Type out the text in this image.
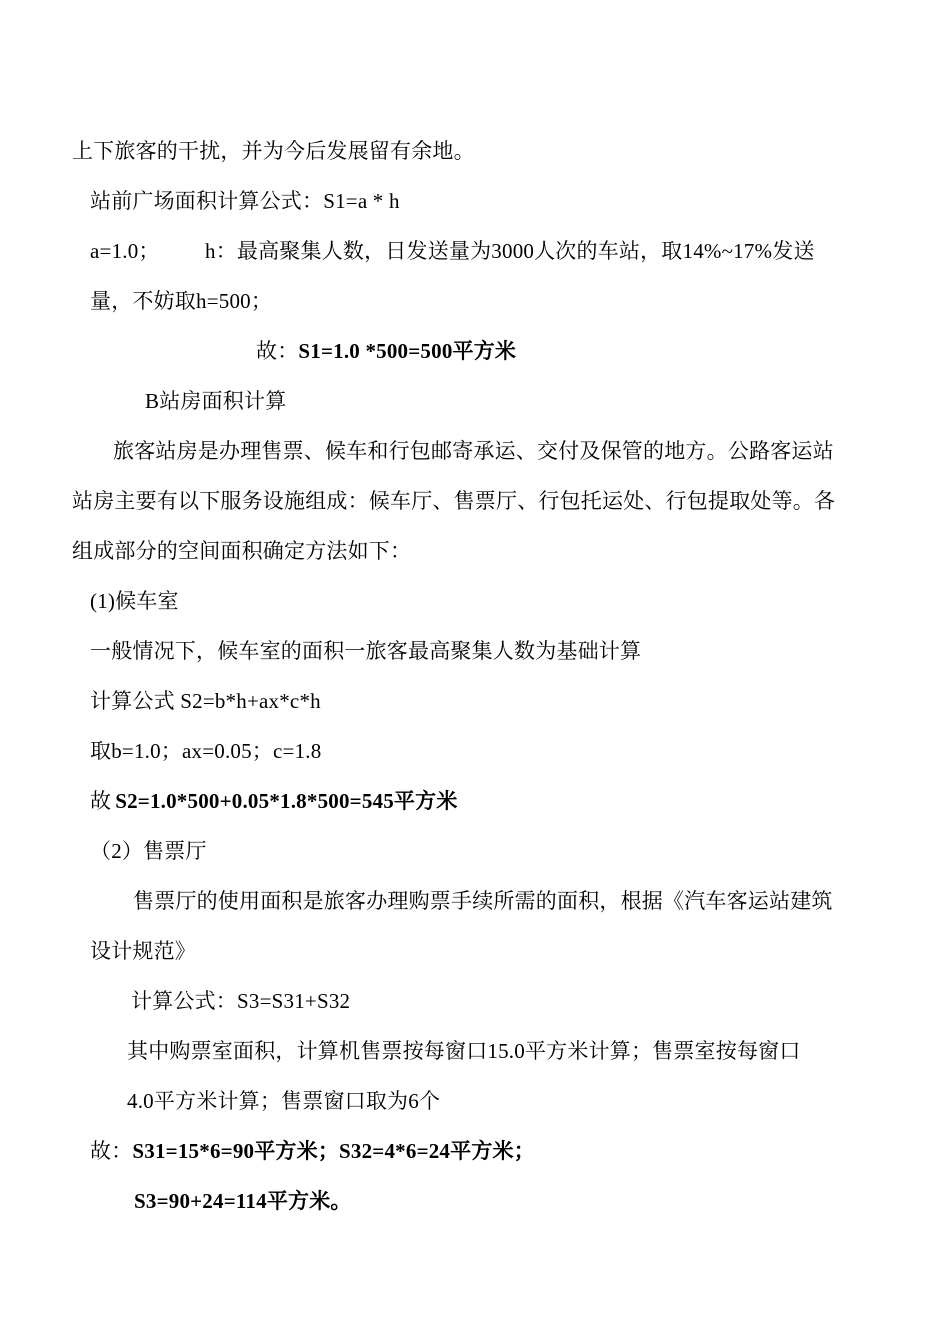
上下旅客的干扰，并为今后发展留有余地。
站前广场面积计算公式：S1=a * h
a=1.0； h：最高聚集人数，日发送量为3000人次的车站，取14%~17%发送
量，不妨取h=500；
故：S1=1.0 *500=500平方米
B站房面积计算
旅客站房是办理售票、候车和行包邮寄承运、交付及保管的地方。公路客运站
站房主要有以下服务设施组成：候车厅、售票厅、行包托运处、行包提取处等。各
组成部分的空间面积确定方法如下：
(1)候车室
一般情况下，候车室的面积一旅客最高聚集人数为基础计算
计算公式 S2=b*h+ax*c*h
取b=1.0；ax=0.05；c=1.8
故 S2=1.0*500+0.05*1.8*500=545平方米
（2）售票厅
售票厅的使用面积是旅客办理购票手续所需的面积，根据《汽车客运站建筑
设计规范》
计算公式：S3=S31+S32
其中购票室面积，计算机售票按每窗口15.0平方米计算；售票室按每窗口
4.0平方米计算；售票窗口取为6个
故：S31=15*6=90平方米；S32=4*6=24平方米；
S3=90+24=114平方米。
